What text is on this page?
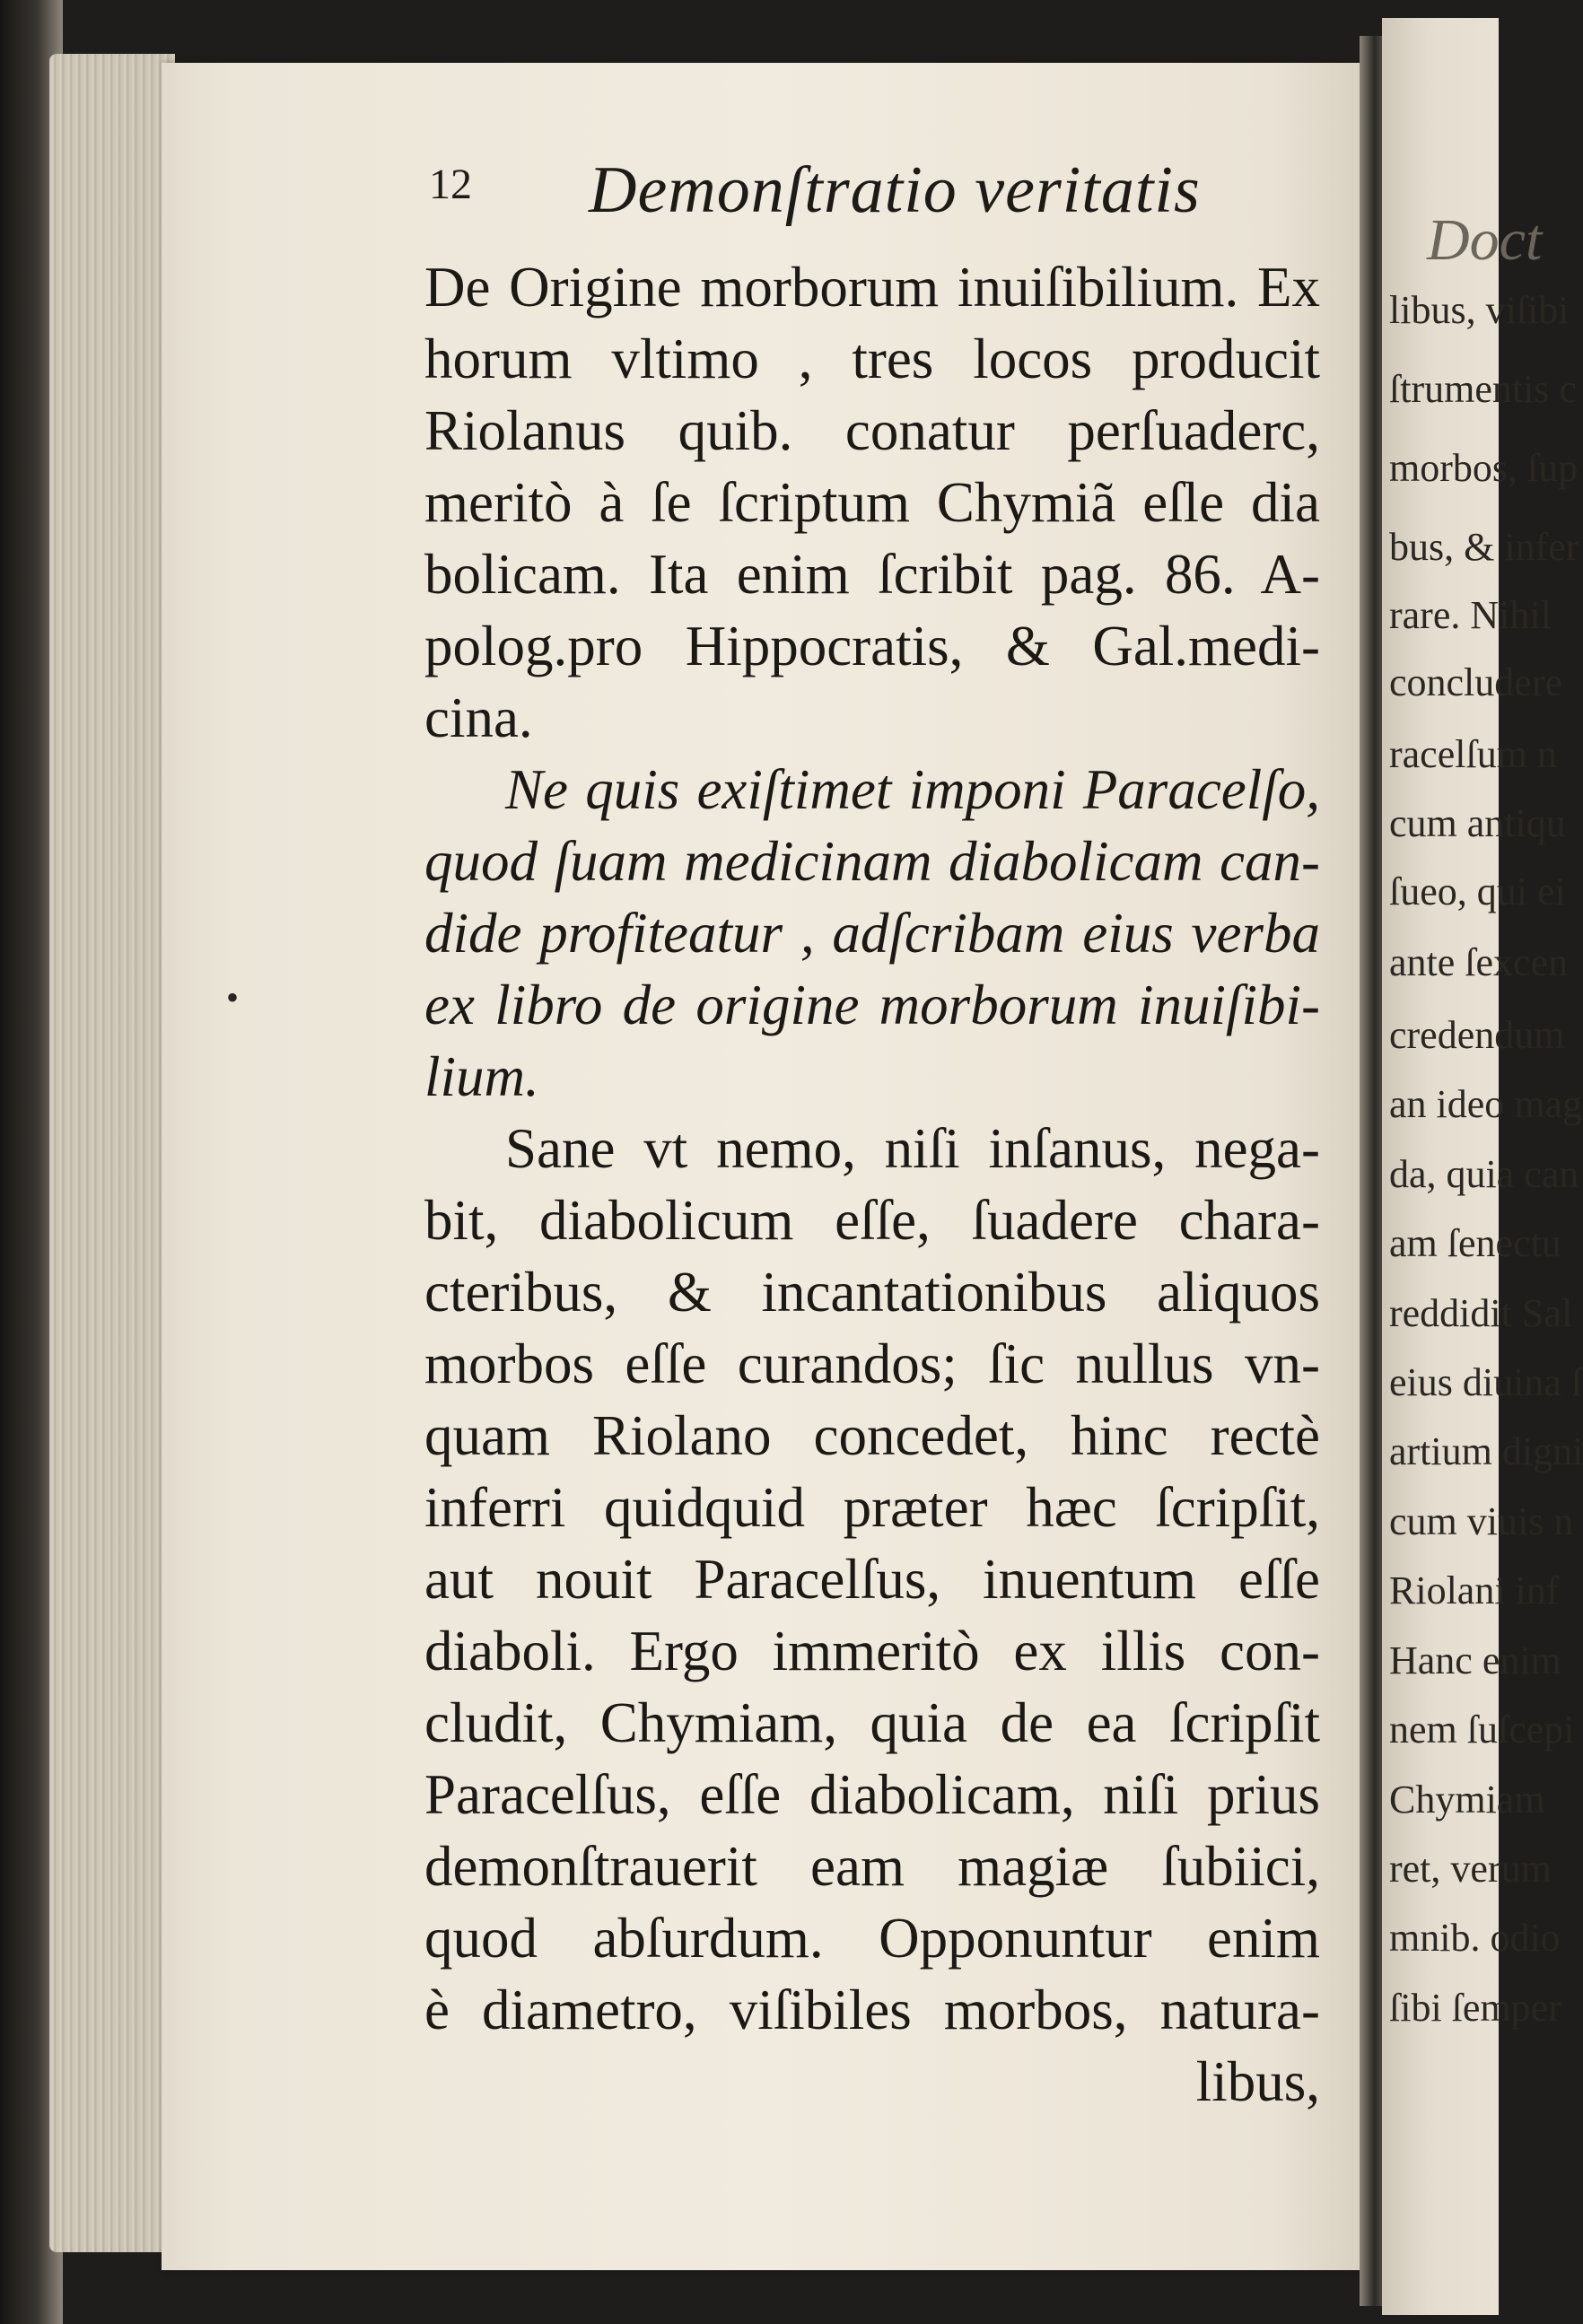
Doct
libus, viſibi
ſtrumentis c
morbos, ſup
bus, & infer
rare. Nihil
concludere
racelſum n
cum antiqu
ſueo, qui ei
ante ſexcen
credendum
an ideo mag
da, quia can
am ſenectu
reddidit Sal
eius diuina ſ
artium digni
cum viuis n
Riolani inf
Hanc enim
nem ſuſcepi
Chymiam
ret, verum
mnib. odio
ſibi ſemper
12 Demonſtratio veritatis
•
De Origine morborum inuiſibilium. Ex
horum vltimo , tres locos producit
Riolanus quib. conatur perſuaderc,
meritò à ſe ſcriptum Chymiã eſle dia
bolicam. Ita enim ſcribit pag. 86. A-
polog.pro Hippocratis, & Gal.medi-
cina.
Ne quis exiſtimet imponi Paracelſo,
quod ſuam medicinam diabolicam can-
dide profiteatur , adſcribam eius verba
ex libro de origine morborum inuiſibi-
lium.
Sane vt nemo, niſi inſanus, nega-
bit, diabolicum eſſe, ſuadere chara-
cteribus, & incantationibus aliquos
morbos eſſe curandos; ſic nullus vn-
quam Riolano concedet, hinc rectè
inferri quidquid præter hæc ſcripſit,
aut nouit Paracelſus, inuentum eſſe
diaboli. Ergo immeritò ex illis con-
cludit, Chymiam, quia de ea ſcripſit
Paracelſus, eſſe diabolicam, niſi prius
demonſtrauerit eam magiæ ſubiici,
quod abſurdum. Opponuntur enim
è diametro, viſibiles morbos, natura-
libus,
